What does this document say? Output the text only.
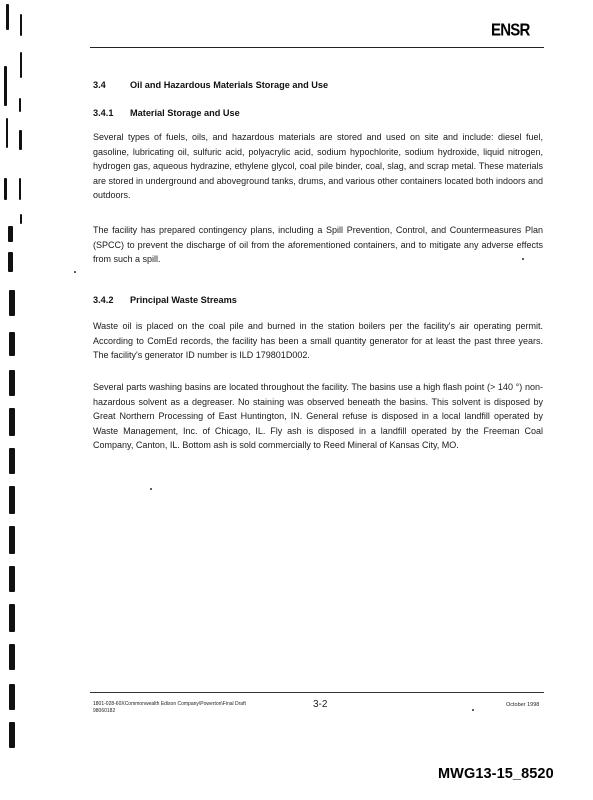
ENSR
3.4	Oil and Hazardous Materials Storage and Use
3.4.1 Material Storage and Use
Several types of fuels, oils, and hazardous materials are stored and used on site and include: diesel fuel, gasoline, lubricating oil, sulfuric acid, polyacrylic acid, sodium hypochlorite, sodium hydroxide, liquid nitrogen, hydrogen gas, aqueous hydrazine, ethylene glycol, coal pile binder, coal, slag, and scrap metal. These materials are stored in underground and aboveground tanks, drums, and various other containers located both indoors and outdoors.
The facility has prepared contingency plans, including a Spill Prevention, Control, and Countermeasures Plan (SPCC) to prevent the discharge of oil from the aforementioned containers, and to mitigate any adverse effects from such a spill.
3.4.2 Principal Waste Streams
Waste oil is placed on the coal pile and burned in the station boilers per the facility's air operating permit. According to ComEd records, the facility has been a small quantity generator for at least the past three years. The facility's generator ID number is ILD 179801D002.
Several parts washing basins are located throughout the facility. The basins use a high flash point (> 140 °) non-hazardous solvent as a degreaser. No staining was observed beneath the basins. This solvent is disposed by Great Northern Processing of East Huntington, IN. General refuse is disposed in a local landfill operated by Waste Management, Inc. of Chicago, IL. Fly ash is disposed in a landfill operated by the Freeman Coal Company, Canton, IL. Bottom ash is sold commercially to Reed Mineral of Kansas City, MO.
1801-028-60XCommonwealth Edison Company\Powerton\Final Draft
98060182
3-2	October 1998
MWG13-15_8520
